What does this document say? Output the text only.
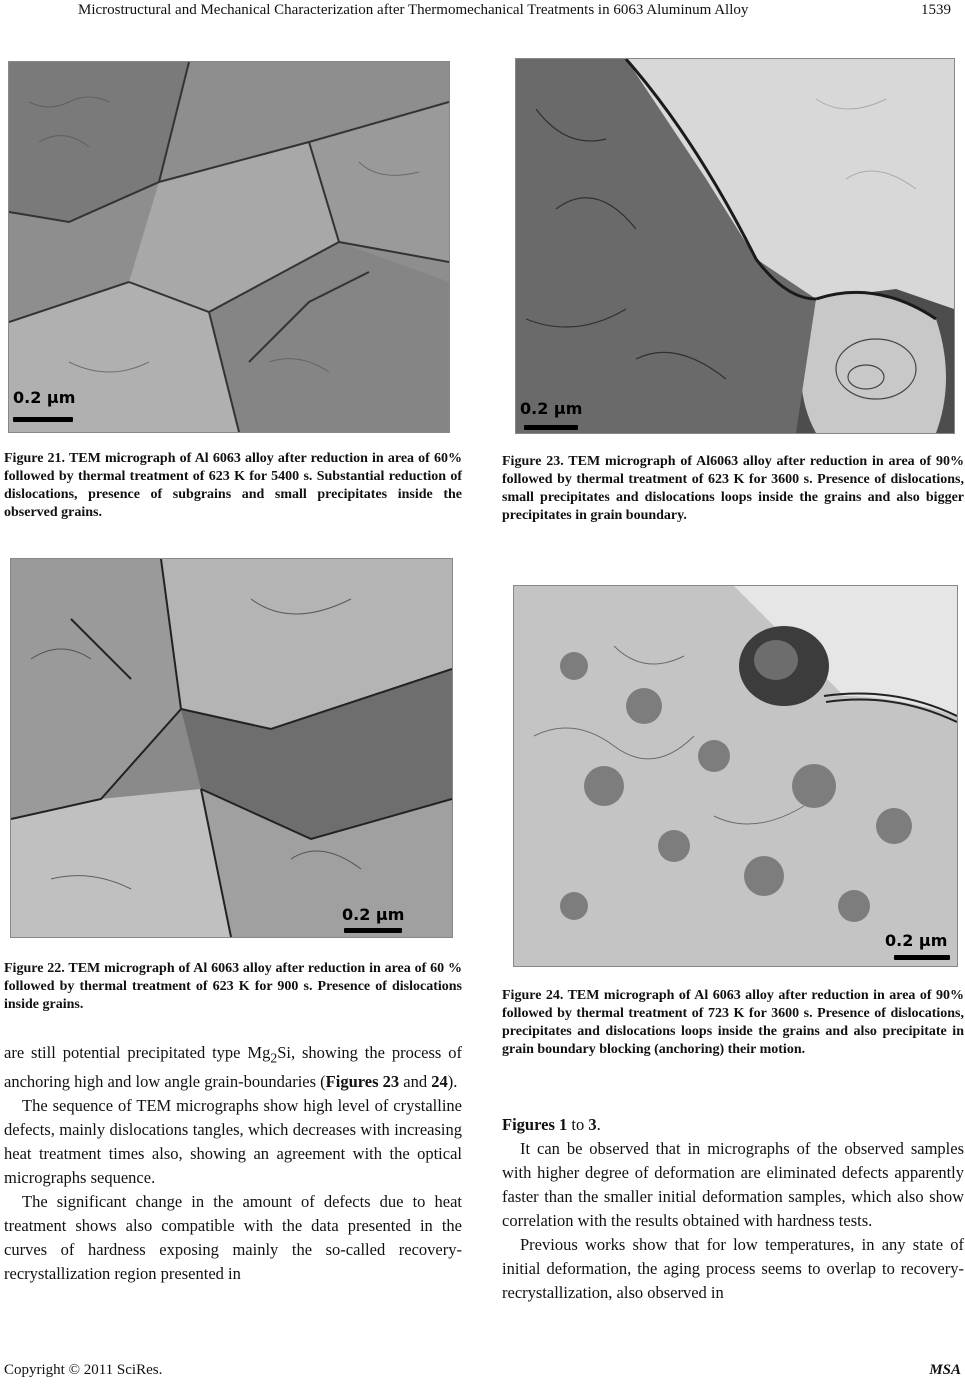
Microstructural and Mechanical Characterization after Thermomechanical Treatments in 6063 Aluminum Alloy	1539
0.2 µm
Figure 21. TEM micrograph of Al 6063 alloy after reduction in area of 60% followed by thermal treatment of 623 K for 5400 s. Substantial reduction of dislocations, presence of subgrains and small precipitates inside the observed grains.
0.2 µm
Figure 22. TEM micrograph of Al 6063 alloy after reduction in area of 60 % followed by thermal treatment of 623 K for 900 s. Presence of dislocations inside grains.
0.2 µm
Figure 23. TEM micrograph of Al6063 alloy after reduction in area of 90% followed by thermal treatment of 623 K for 3600 s. Presence of dislocations, small precipitates and dislocations loops inside the grains and also bigger precipitates in grain boundary.
0.2 µm
Figure 24. TEM micrograph of Al 6063 alloy after reduction in area of 90% followed by thermal treatment of 723 K for 3600 s. Presence of dislocations, precipitates and dislocations loops inside the grains and also precipitate in grain boundary blocking (anchoring) their motion.

are still potential precipitated type $Mg_2Si$, showing the process of anchoring high and low angle grain-boundaries (Figures 23 and 24).

The sequence of TEM micrographs show high level of crystalline defects, mainly dislocations tangles, which decreases with increasing heat treatment times also, showing an agreement with the optical micrographs sequence.

The significant change in the amount of defects due to heat treatment shows also compatible with the data presented in the curves of hardness exposing mainly the so-called recovery-recrystallization region presented in

Figures 1 to 3.

It can be observed that in micrographs of the observed samples with higher degree of deformation are eliminated defects apparently faster than the smaller initial deformation samples, which also show correlation with the results obtained with hardness tests.

Previous works show that for low temperatures, in any state of initial deformation, the aging process seems to overlap to recovery-recrystallization, also observed in

Copyright © 2011 SciRes.	MSA
